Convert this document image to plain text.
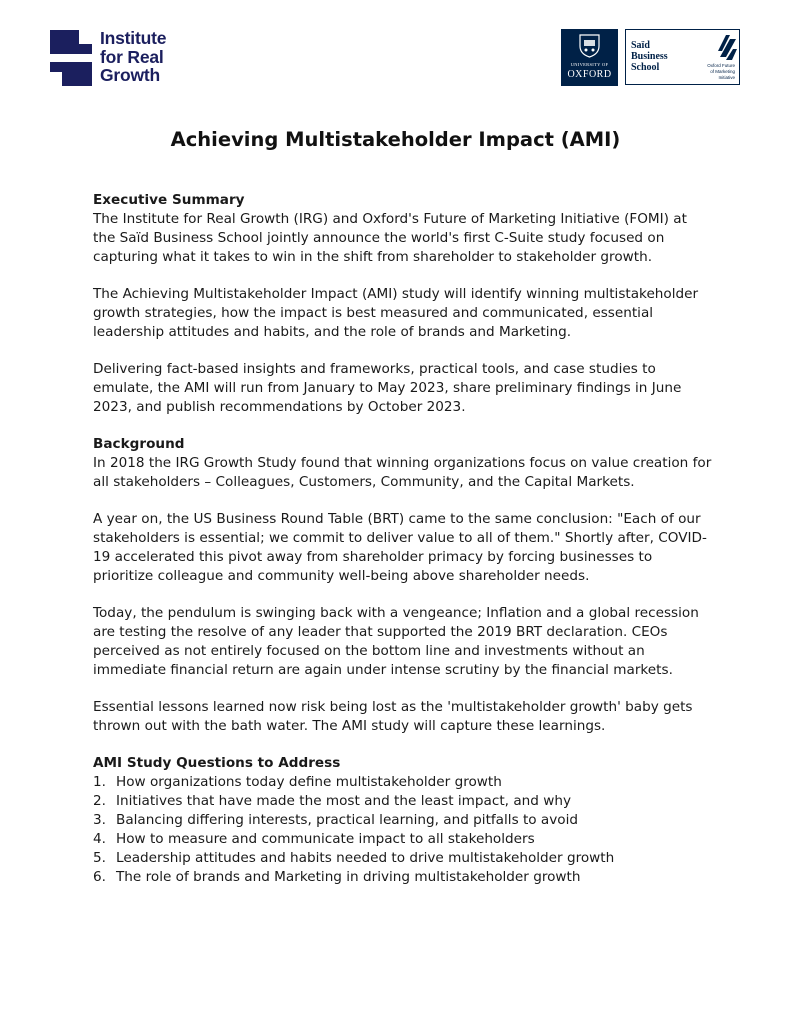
Institute
for Real
Growth
UNIVERSITY OF
OXFORD
Saïd
Business
School	Oxford Future
of Marketing
Initiative
Achieving Multistakeholder Impact (AMI)
Executive Summary

The Institute for Real Growth (IRG) and Oxford's Future of Marketing Initiative (FOMI) at the Saïd Business School jointly announce the world's first C-Suite study focused on capturing what it takes to win in the shift from shareholder to stakeholder growth.

The Achieving Multistakeholder Impact (AMI) study will identify winning multistakeholder growth strategies, how the impact is best measured and communicated, essential leadership attitudes and habits, and the role of brands and Marketing.

Delivering fact-based insights and frameworks, practical tools, and case studies to emulate, the AMI will run from January to May 2023, share preliminary findings in June 2023, and publish recommendations by October 2023.

Background

In 2018 the IRG Growth Study found that winning organizations focus on value creation for all stakeholders – Colleagues, Customers, Community, and the Capital Markets.

A year on, the US Business Round Table (BRT) came to the same conclusion: "Each of our stakeholders is essential; we commit to deliver value to all of them." Shortly after, COVID-19 accelerated this pivot away from shareholder primacy by forcing businesses to prioritize colleague and community well-being above shareholder needs.

Today, the pendulum is swinging back with a vengeance; Inflation and a global recession are testing the resolve of any leader that supported the 2019 BRT declaration. CEOs perceived as not entirely focused on the bottom line and investments without an immediate financial return are again under intense scrutiny by the financial markets.

Essential lessons learned now risk being lost as the 'multistakeholder growth' baby gets thrown out with the bath water. The AMI study will capture these learnings.

AMI Study Questions to Address
1. How organizations today define multistakeholder growth
2. Initiatives that have made the most and the least impact, and why
3. Balancing differing interests, practical learning, and pitfalls to avoid
4. How to measure and communicate impact to all stakeholders
5. Leadership attitudes and habits needed to drive multistakeholder growth
6. The role of brands and Marketing in driving multistakeholder growth
